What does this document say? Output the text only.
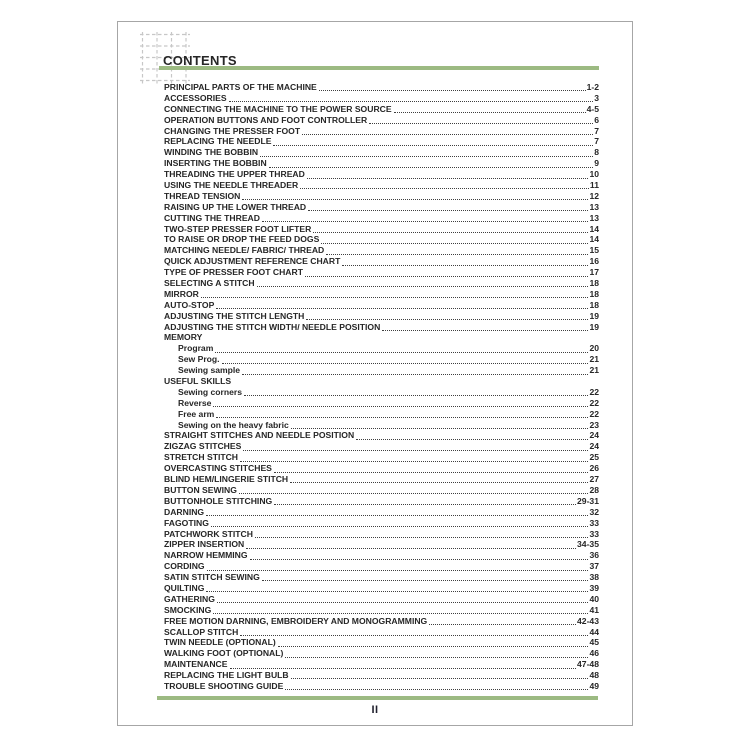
CONTENTS
PRINCIPAL PARTS OF THE MACHINE	1-2
ACCESSORIES	3
CONNECTING THE MACHINE TO THE POWER SOURCE	4-5
OPERATION BUTTONS AND FOOT CONTROLLER	6
CHANGING THE PRESSER FOOT	7
REPLACING THE NEEDLE	7
WINDING THE BOBBIN	8
INSERTING THE BOBBIN	9
THREADING THE UPPER THREAD	10
USING THE NEEDLE THREADER	11
THREAD TENSION	12
RAISING UP THE LOWER THREAD	13
CUTTING THE THREAD	13
TWO-STEP PRESSER FOOT LIFTER	14
TO RAISE OR DROP THE FEED DOGS	14
MATCHING NEEDLE/ FABRIC/ THREAD	15
QUICK ADJUSTMENT REFERENCE CHART	16
TYPE OF PRESSER FOOT CHART	17
SELECTING A STITCH	18
MIRROR	18
AUTO-STOP	18
ADJUSTING THE STITCH LENGTH	19
ADJUSTING THE STITCH WIDTH/ NEEDLE POSITION	19
MEMORY
Program	20
Sew Prog.	21
Sewing sample	21
USEFUL SKILLS
Sewing corners	22
Reverse	22
Free arm	22
Sewing on the heavy fabric	23
STRAIGHT STITCHES AND NEEDLE POSITION	24
ZIGZAG STITCHES	24
STRETCH STITCH	25
OVERCASTING STITCHES	26
BLIND HEM/LINGERIE STITCH	27
BUTTON SEWING	28
BUTTONHOLE STITCHING	29-31
DARNING	32
FAGOTING	33
PATCHWORK STITCH	33
ZIPPER INSERTION	34-35
NARROW HEMMING	36
CORDING	37
SATIN STITCH SEWING	38
QUILTING	39
GATHERING	40
SMOCKING	41
FREE MOTION DARNING, EMBROIDERY AND MONOGRAMMING	42-43
SCALLOP STITCH	44
TWIN NEEDLE (OPTIONAL)	45
WALKING FOOT (OPTIONAL)	46
MAINTENANCE	47-48
REPLACING THE LIGHT BULB	48
TROUBLE SHOOTING GUIDE	49
II
